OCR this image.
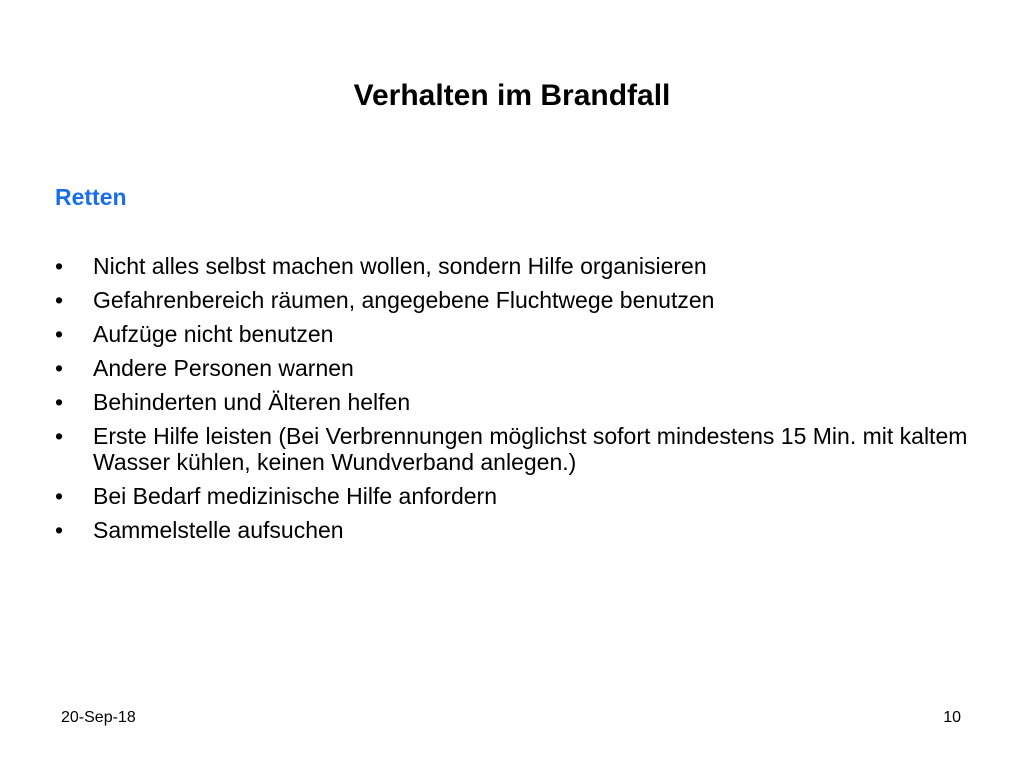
Verhalten im Brandfall
Retten
•	Nicht alles selbst machen wollen, sondern Hilfe organisieren
•	Gefahrenbereich räumen, angegebene Fluchtwege benutzen
•	Aufzüge nicht benutzen
•	Andere Personen warnen
•	Behinderten und Älteren helfen
•	Erste Hilfe leisten (Bei Verbrennungen möglichst sofort mindestens 15 Min. mit kaltem Wasser kühlen, keinen Wundverband anlegen.)
•	Bei Bedarf medizinische Hilfe anfordern
•	Sammelstelle aufsuchen
20-Sep-18	10
